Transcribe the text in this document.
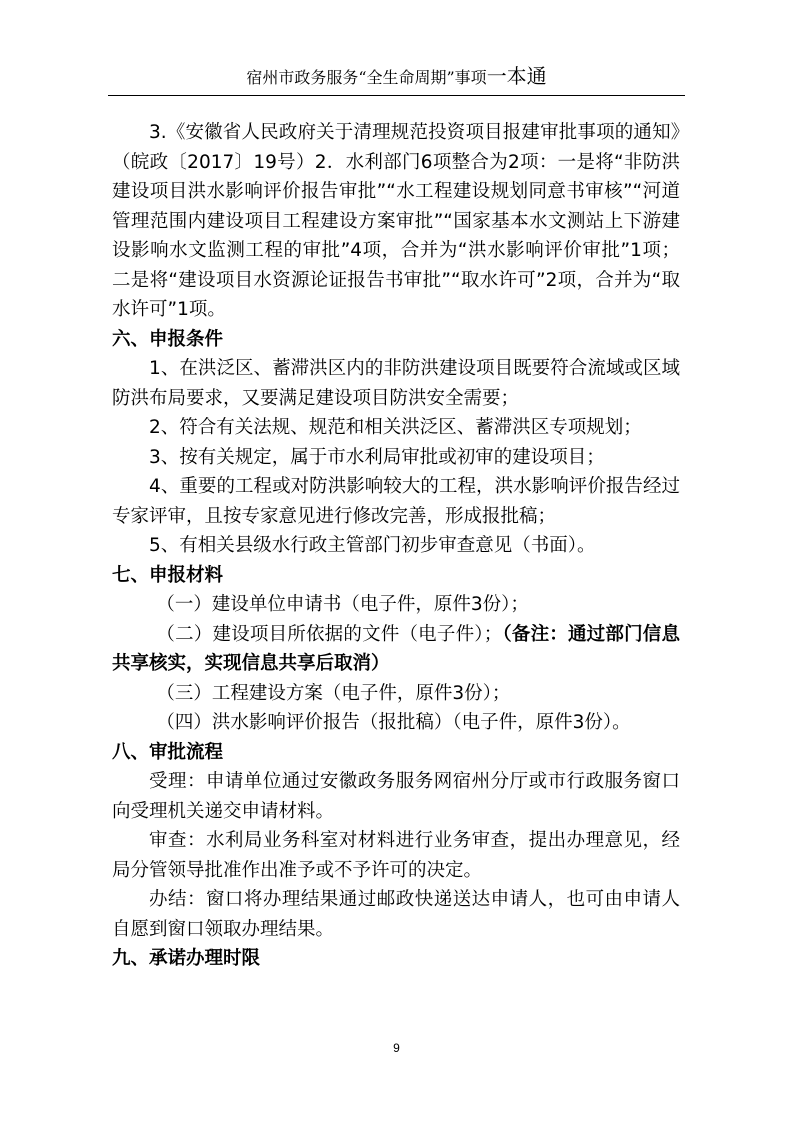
宿州市政务服务“全生命周期”事项一本通

3.《安徽省人民政府关于清理规范投资项目报建审批事项的通知》（皖政〔2017〕19号）2．水利部门6项整合为2项：一是将“非防洪建设项目洪水影响评价报告审批”“水工程建设规划同意书审核”“河道管理范围内建设项目工程建设方案审批”“国家基本水文测站上下游建设影响水文监测工程的审批”4项，合并为“洪水影响评价审批”1项；二是将“建设项目水资源论证报告书审批”“取水许可”2项，合并为“取水许可”1项。

六、申报条件

1、在洪泛区、蓄滞洪区内的非防洪建设项目既要符合流域或区域防洪布局要求，又要满足建设项目防洪安全需要；

2、符合有关法规、规范和相关洪泛区、蓄滞洪区专项规划；

3、按有关规定，属于市水利局审批或初审的建设项目；

4、重要的工程或对防洪影响较大的工程，洪水影响评价报告经过专家评审，且按专家意见进行修改完善，形成报批稿；

5、有相关县级水行政主管部门初步审查意见（书面）。

七、申报材料

（一）建设单位申请书（电子件，原件3份）；

（二）建设项目所依据的文件（电子件）；（备注：通过部门信息共享核实，实现信息共享后取消）

（三）工程建设方案（电子件，原件3份）；

（四）洪水影响评价报告（报批稿）（电子件，原件3份）。

八、审批流程

受理：申请单位通过安徽政务服务网宿州分厅或市行政服务窗口向受理机关递交申请材料。

审查：水利局业务科室对材料进行业务审查，提出办理意见，经局分管领导批准作出准予或不予许可的决定。

办结：窗口将办理结果通过邮政快递送达申请人，也可由申请人自愿到窗口领取办理结果。

九、承诺办理时限

9
